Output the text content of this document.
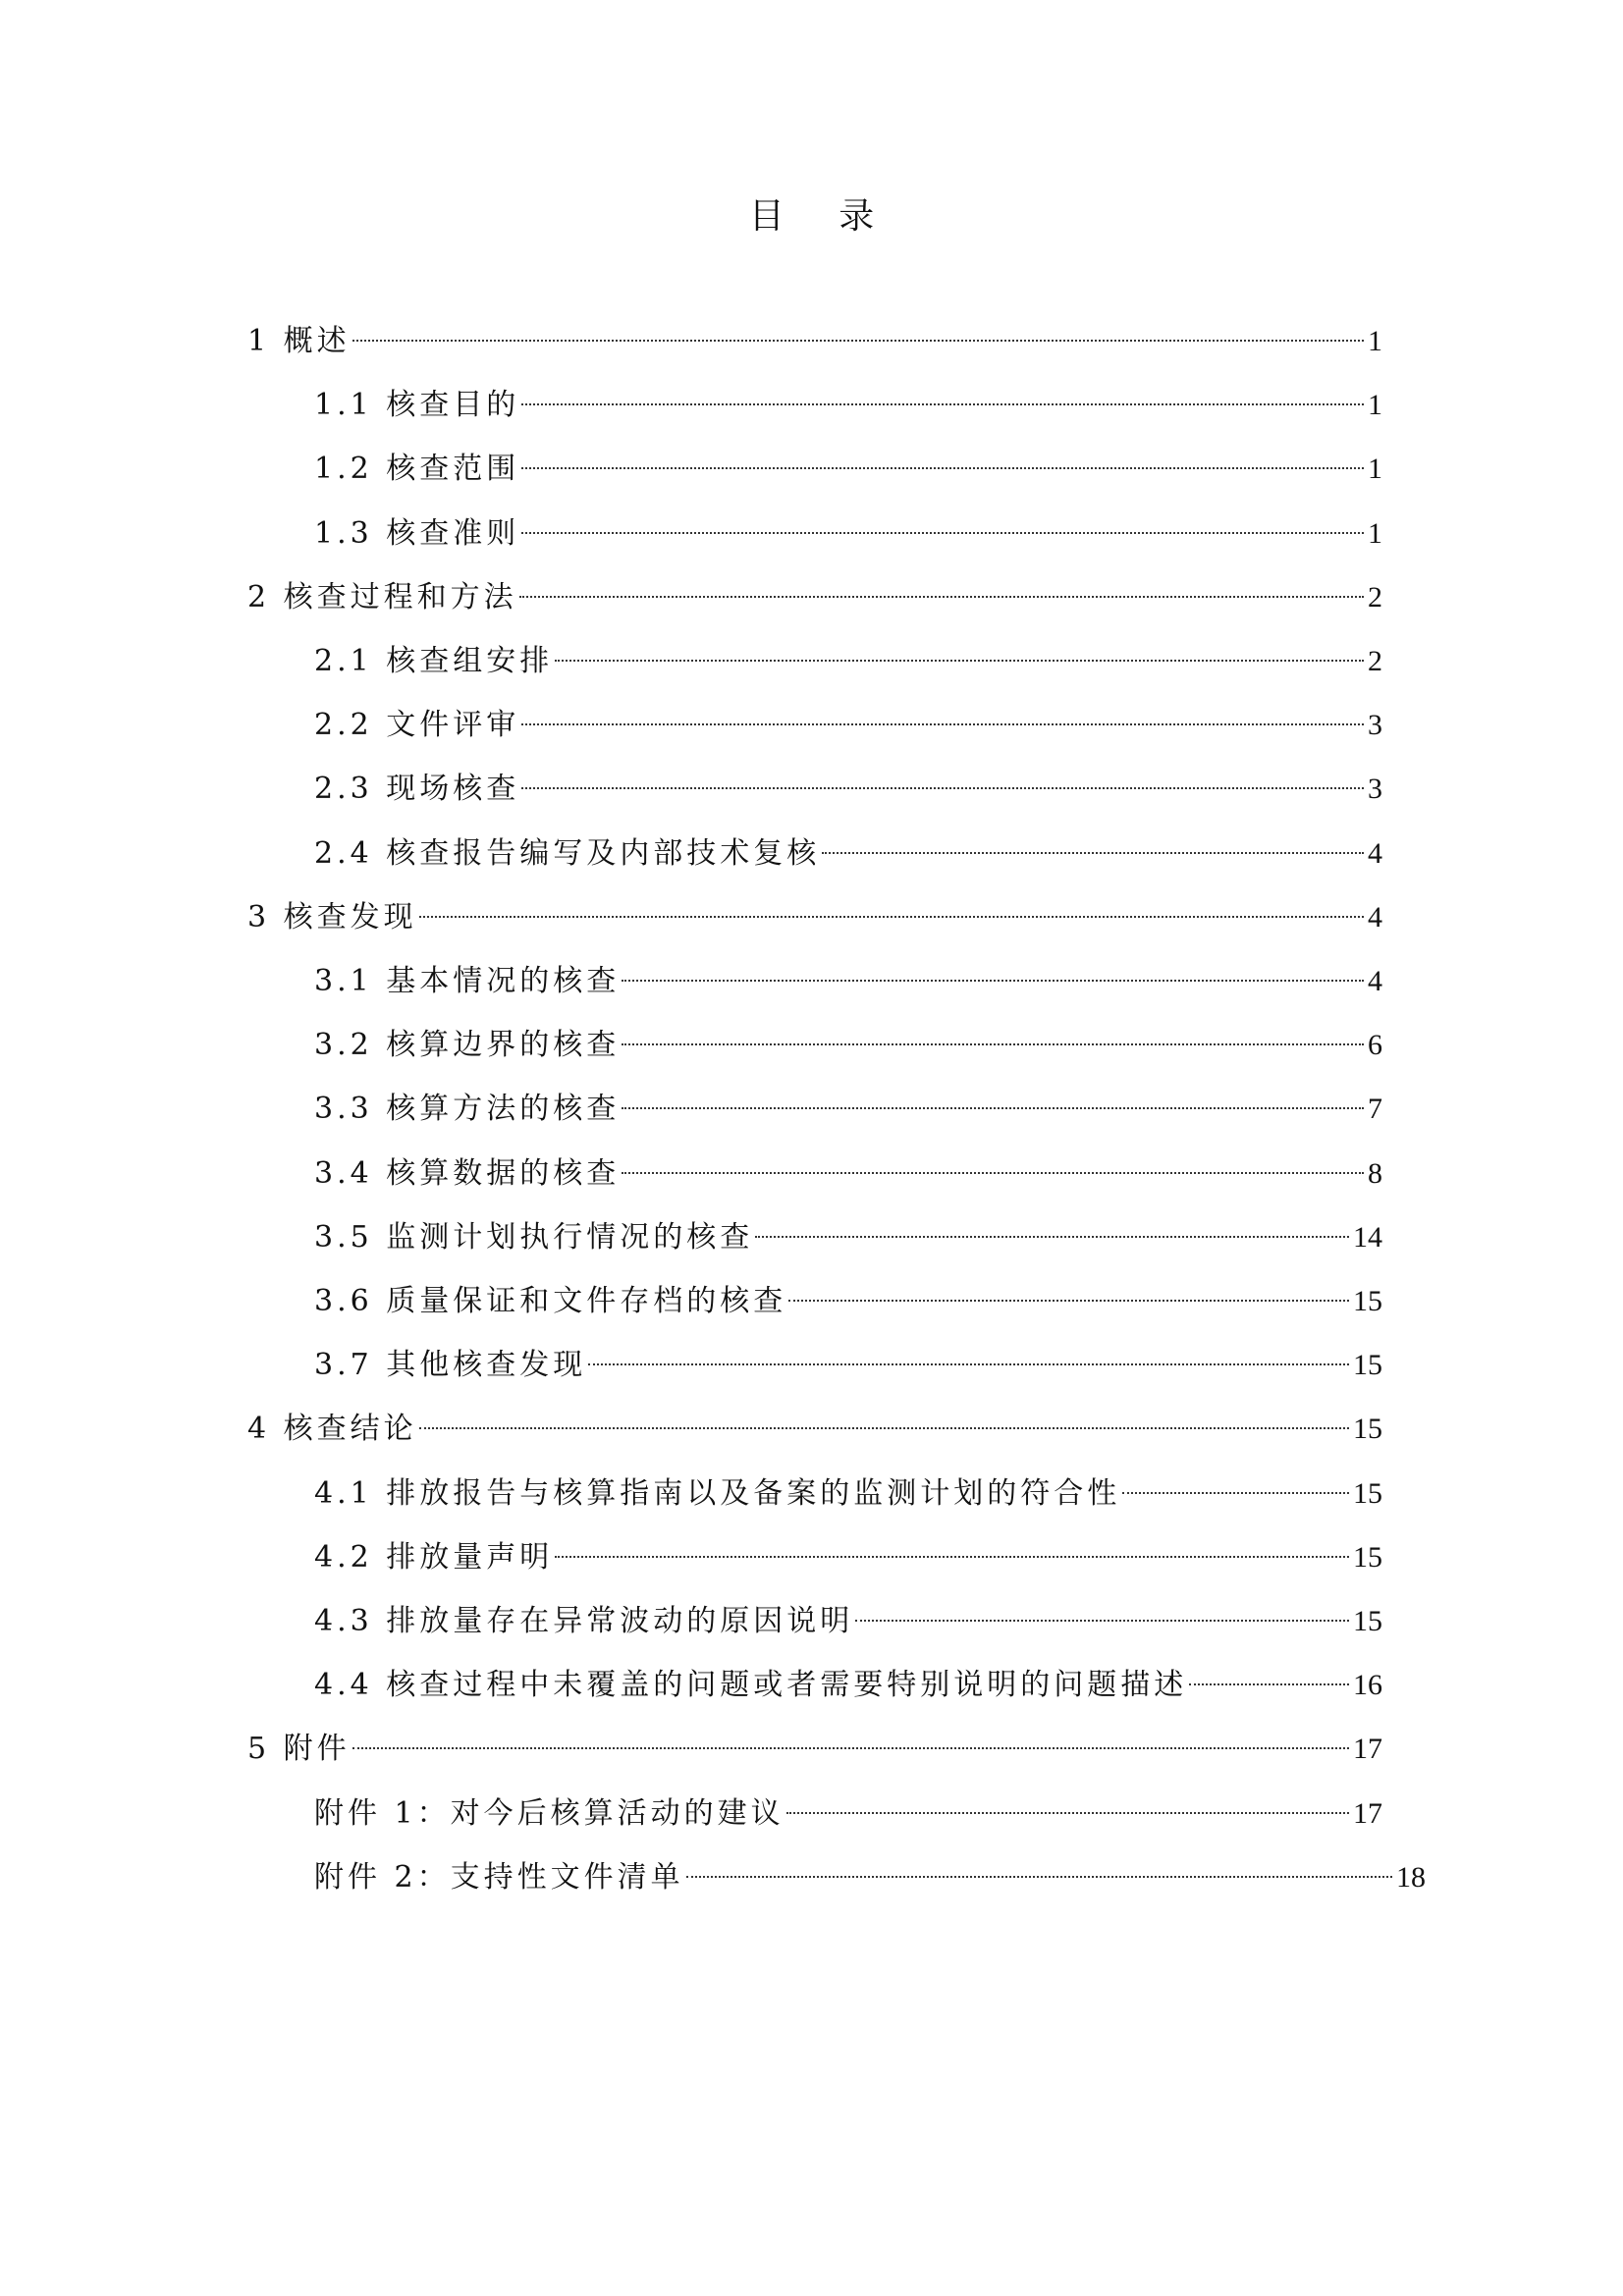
目 录
1 概述	1
1.1 核查目的	1
1.2 核查范围	1
1.3 核查准则	1
2 核查过程和方法	2
2.1 核查组安排	2
2.2 文件评审	3
2.3 现场核查	3
2.4 核查报告编写及内部技术复核	4
3 核查发现	4
3.1 基本情况的核查	4
3.2 核算边界的核查	6
3.3 核算方法的核查	7
3.4 核算数据的核查	8
3.5 监测计划执行情况的核查	14
3.6 质量保证和文件存档的核查	15
3.7 其他核查发现	15
4 核查结论	15
4.1 排放报告与核算指南以及备案的监测计划的符合性	15
4.2 排放量声明	15
4.3 排放量存在异常波动的原因说明	15
4.4 核查过程中未覆盖的问题或者需要特别说明的问题描述	16
5 附件	17
附件 1：对今后核算活动的建议	17
附件 2：支持性文件清单	18
